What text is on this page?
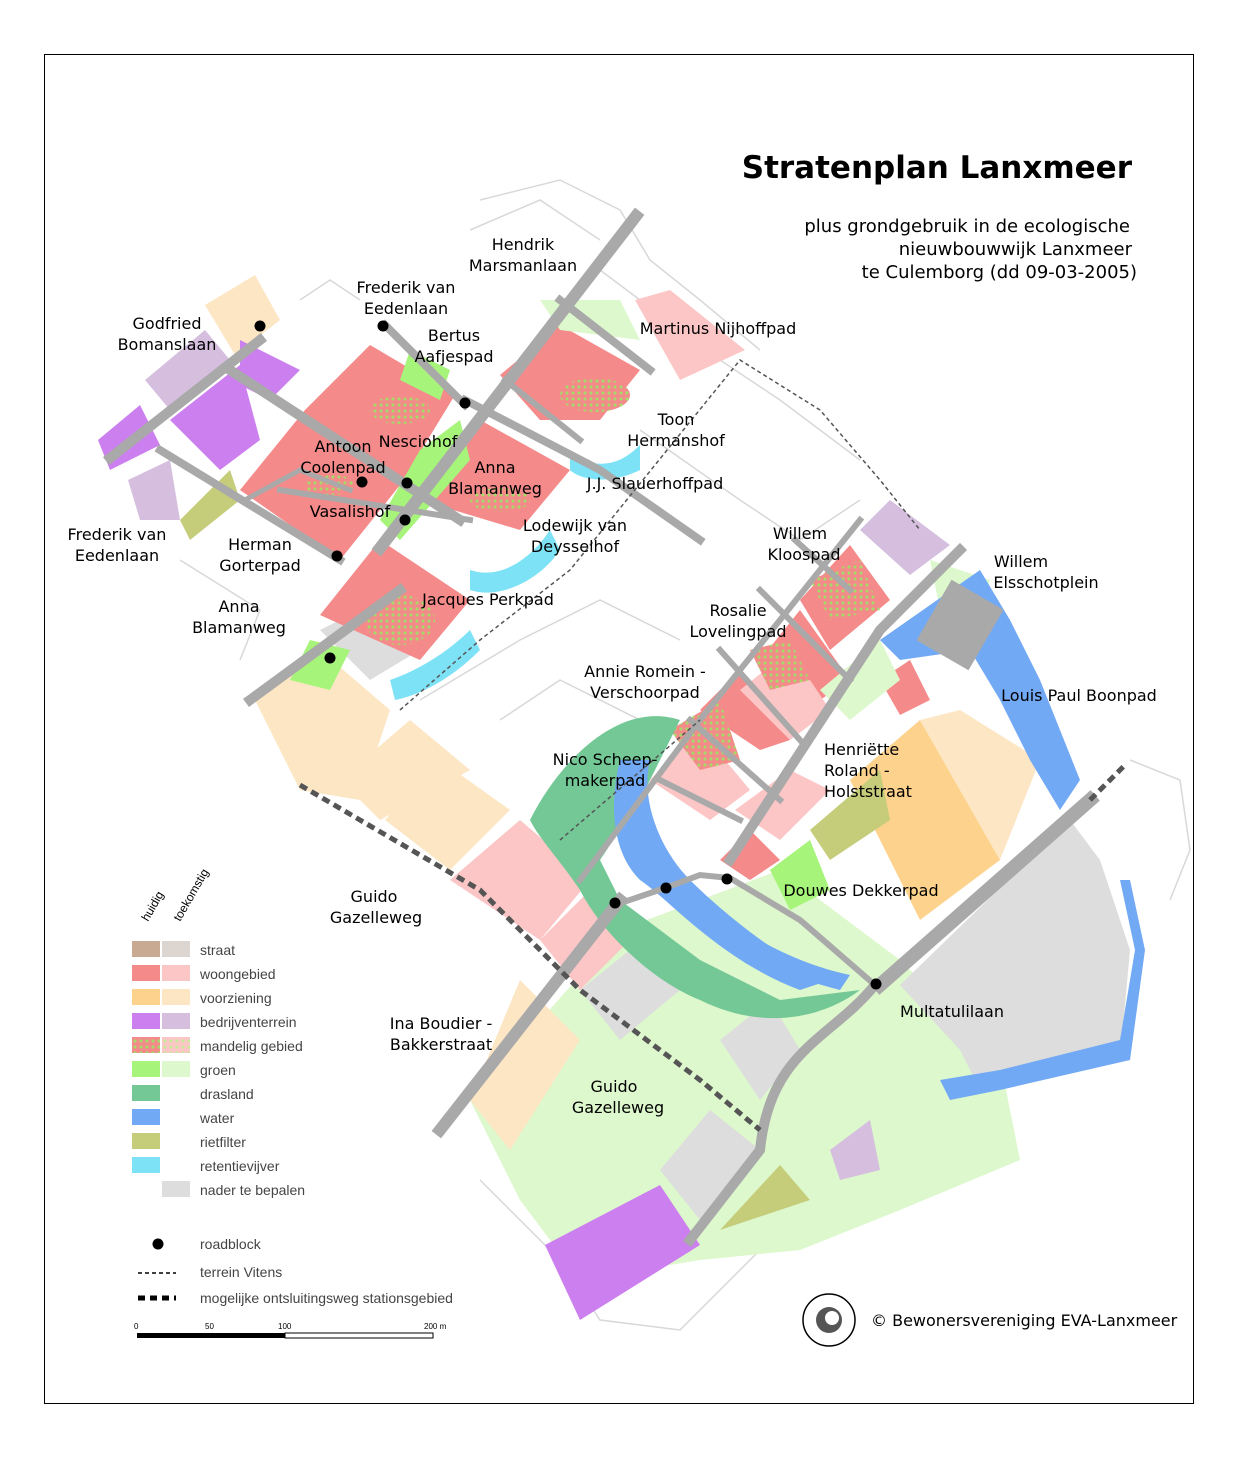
Stratenplan Lanxmeer
plus grondgebruik in de ecologische
nieuwbouwwijk Lanxmeer
te Culemborg (dd 09-03-2005)
Hendrik Marsmanlaan
Frederik van Eedenlaan
Bertus Aafjespad
Godfried Bomanslaan
Martinus Nijhoffpad
Nesciohof
Toon Hermanshof
Antoon Coolenpad	Anna Blamanweg	J.J. Slauerhoffpad
Vasalishof
Lodewijk van Deysselhof
Frederik van Eedenlaan
Herman Gorterpad
Willem Kloospad	Willem Elsschotplein
Jacques Perkpad
Anna Blamanweg
Rosalie Lovelingpad
Annie Romein -Verschoorpad	Louis Paul Boonpad
Henriëtte Roland -Holststraat
Nico Scheep-makerpad
Douwes Dekkerpad
Guido Gazelleweg
Multatulilaan
Ina Boudier -Bakkerstraat
Guido Gazelleweg
huidig toekomstig
straat
woongebied
voorziening
bedrijventerrein
mandelig gebied
groen
drasland
water
rietfilter
retentievijver
nader te bepalen
roadblock
terrein Vitens
mogelijke ontsluitingsweg stationsgebied
0	50	100	200 m	© Bewonersvereniging EVA-Lanxmeer
